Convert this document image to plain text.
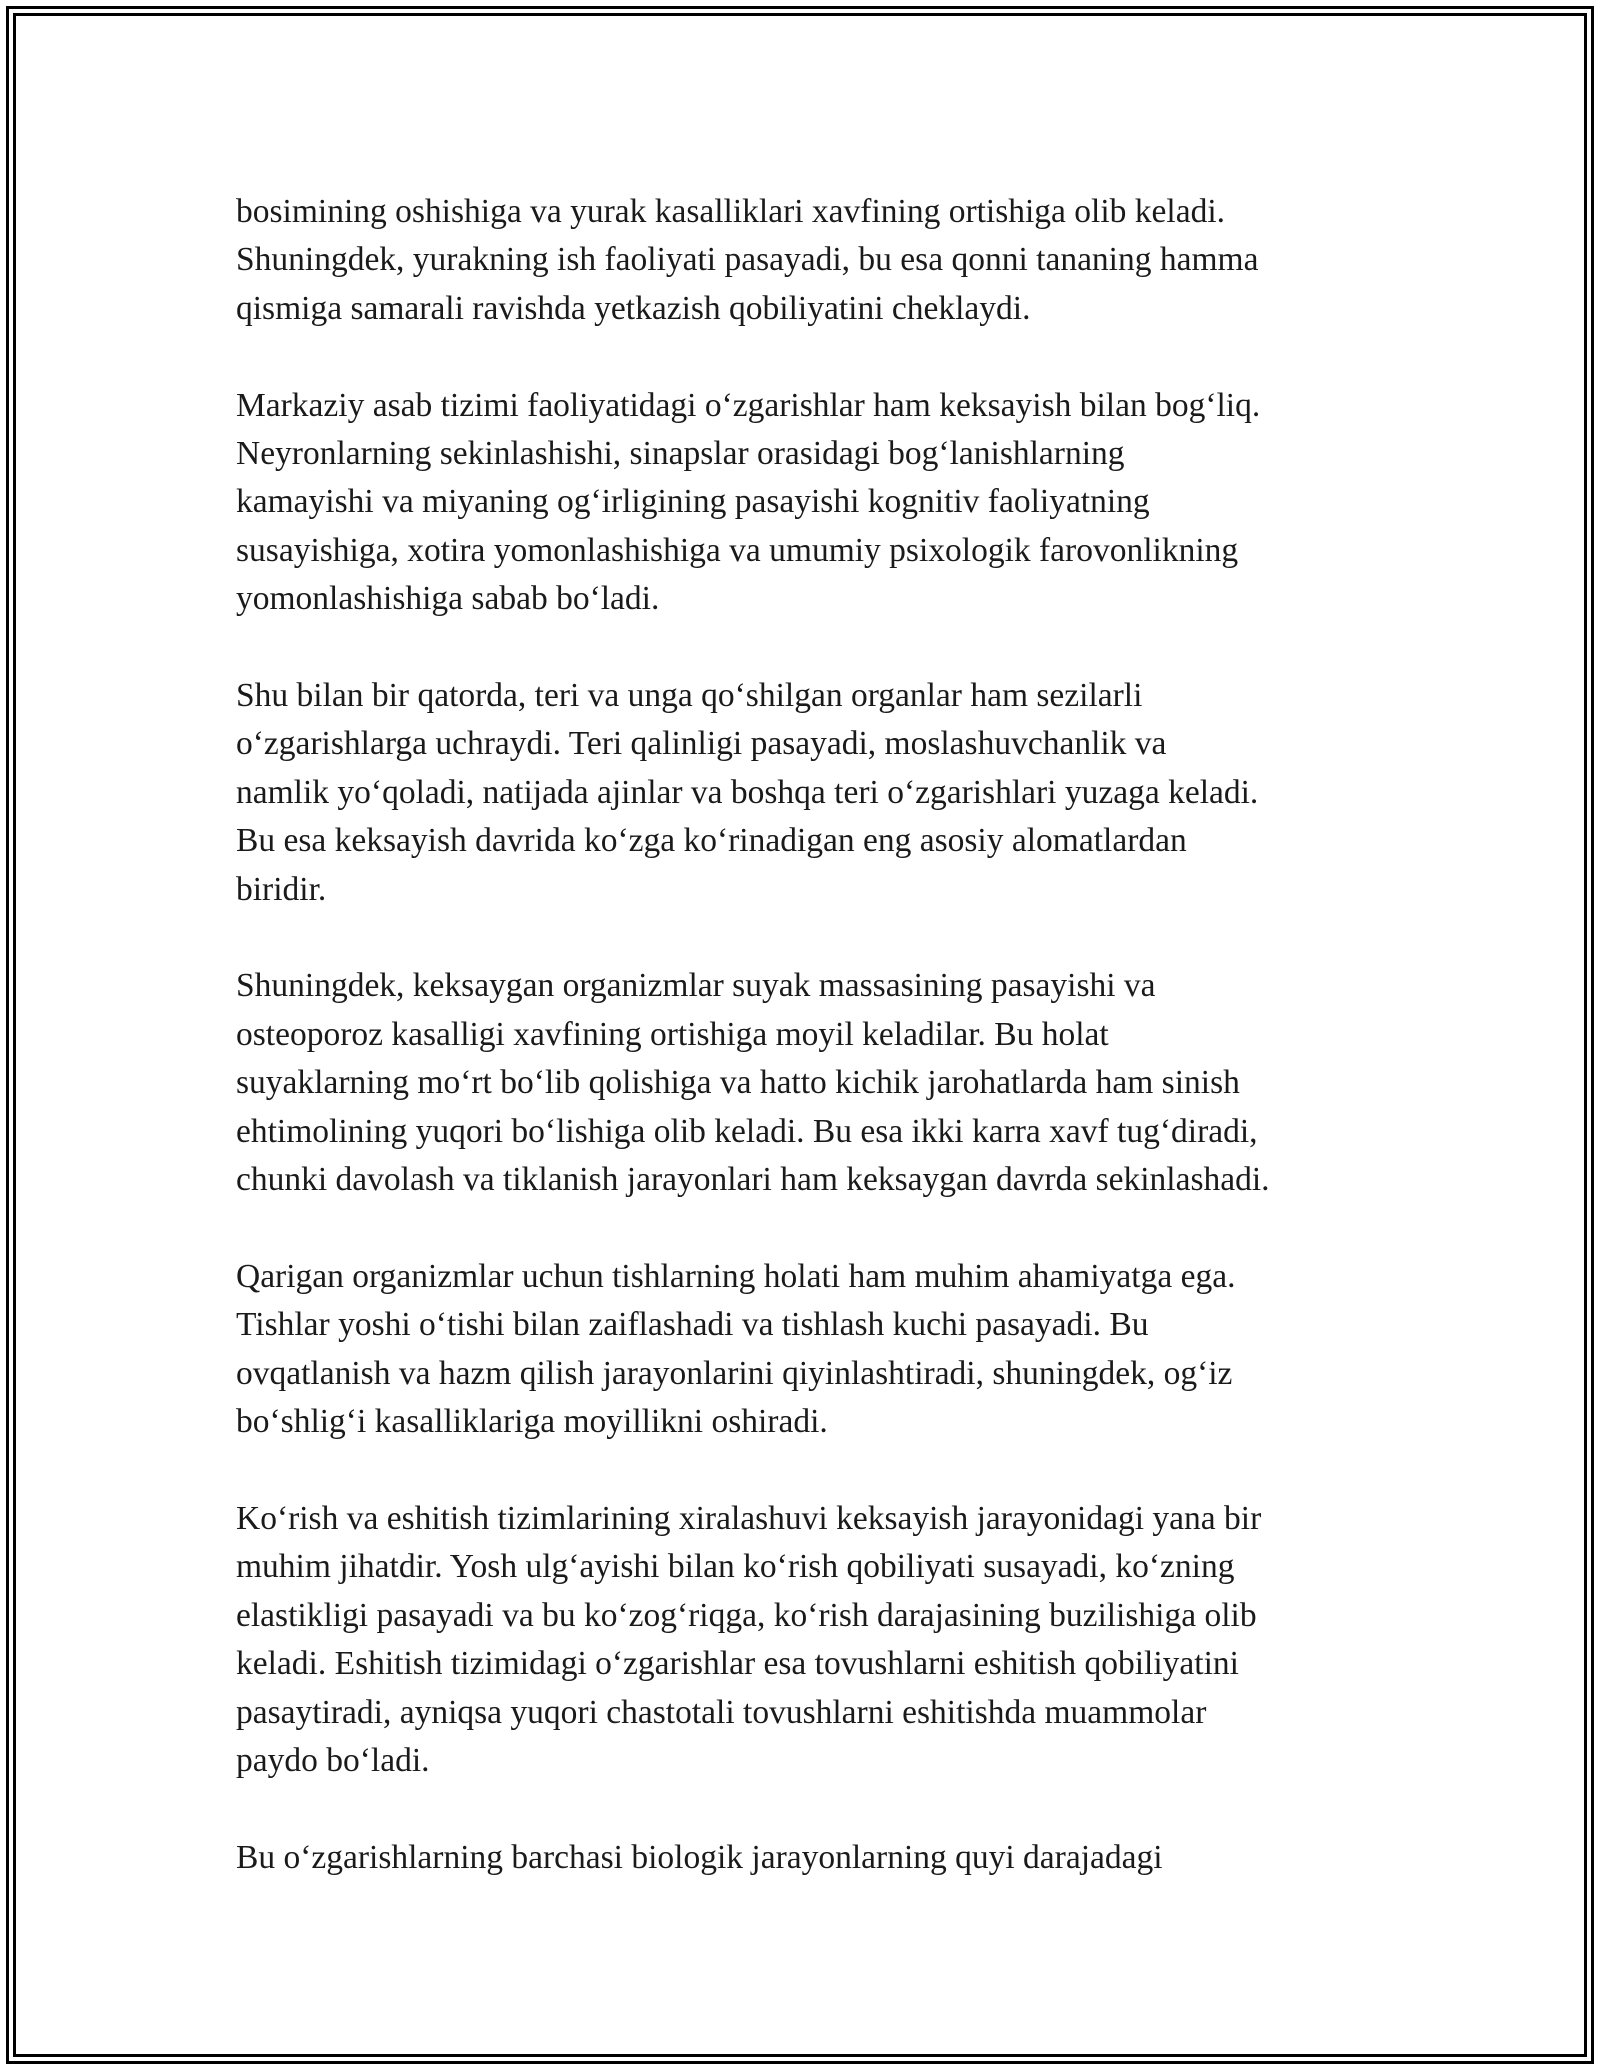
bosimining oshishiga va yurak kasalliklari xavfining ortishiga olib keladi.
Shuningdek, yurakning ish faoliyati pasayadi, bu esa qonni tananing hamma
qismiga samarali ravishda yetkazish qobiliyatini cheklaydi.

Markaziy asab tizimi faoliyatidagi o‘zgarishlar ham keksayish bilan bog‘liq.
Neyronlarning sekinlashishi, sinapslar orasidagi bog‘lanishlarning
kamayishi va miyaning og‘irligining pasayishi kognitiv faoliyatning
susayishiga, xotira yomonlashishiga va umumiy psixologik farovonlikning
yomonlashishiga sabab bo‘ladi.

Shu bilan bir qatorda, teri va unga qo‘shilgan organlar ham sezilarli
o‘zgarishlarga uchraydi. Teri qalinligi pasayadi, moslashuvchanlik va
namlik yo‘qoladi, natijada ajinlar va boshqa teri o‘zgarishlari yuzaga keladi.
Bu esa keksayish davrida ko‘zga ko‘rinadigan eng asosiy alomatlardan
biridir.

Shuningdek, keksaygan organizmlar suyak massasining pasayishi va
osteoporoz kasalligi xavfining ortishiga moyil keladilar. Bu holat
suyaklarning mo‘rt bo‘lib qolishiga va hatto kichik jarohatlarda ham sinish
ehtimolining yuqori bo‘lishiga olib keladi. Bu esa ikki karra xavf tug‘diradi,
chunki davolash va tiklanish jarayonlari ham keksaygan davrda sekinlashadi.

Qarigan organizmlar uchun tishlarning holati ham muhim ahamiyatga ega.
Tishlar yoshi o‘tishi bilan zaiflashadi va tishlash kuchi pasayadi. Bu
ovqatlanish va hazm qilish jarayonlarini qiyinlashtiradi, shuningdek, og‘iz
bo‘shlig‘i kasalliklariga moyillikni oshiradi.

Ko‘rish va eshitish tizimlarining xiralashuvi keksayish jarayonidagi yana bir
muhim jihatdir. Yosh ulg‘ayishi bilan ko‘rish qobiliyati susayadi, ko‘zning
elastikligi pasayadi va bu ko‘zog‘riqga, ko‘rish darajasining buzilishiga olib
keladi. Eshitish tizimidagi o‘zgarishlar esa tovushlarni eshitish qobiliyatini
pasaytiradi, ayniqsa yuqori chastotali tovushlarni eshitishda muammolar
paydo bo‘ladi.

Bu o‘zgarishlarning barchasi biologik jarayonlarning quyi darajadagi
